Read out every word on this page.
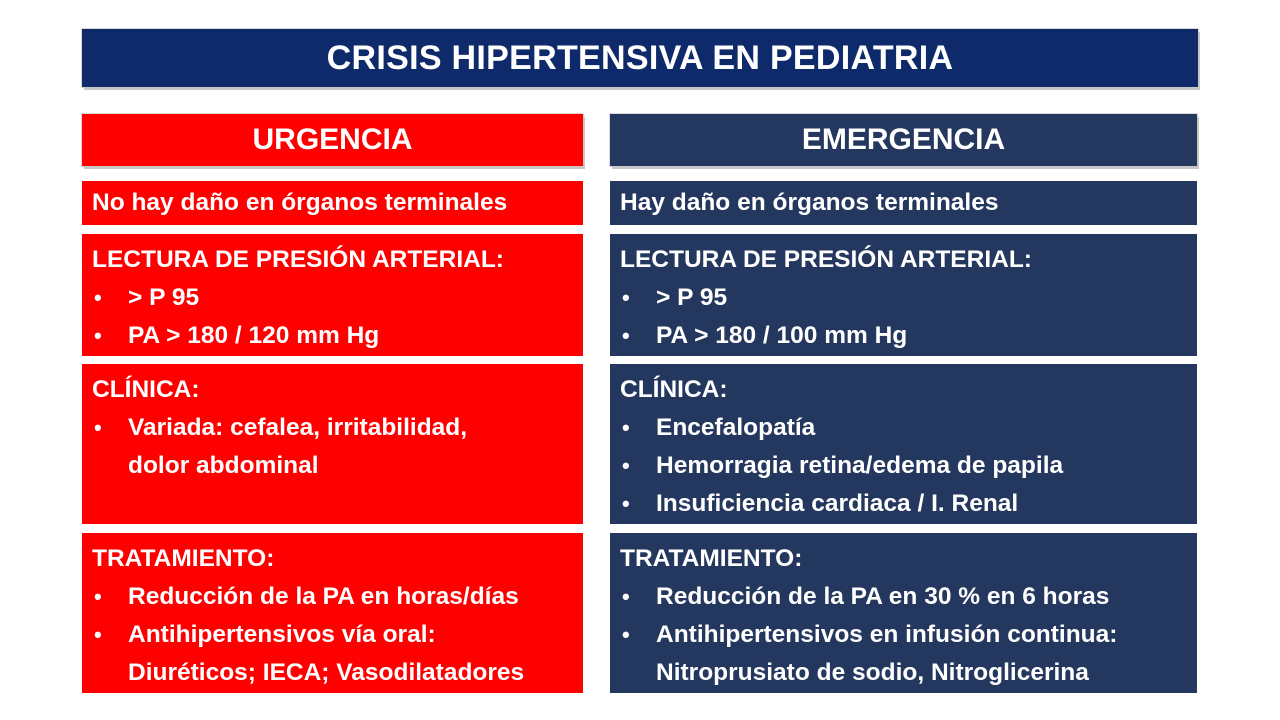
CRISIS HIPERTENSIVA EN PEDIATRIA
URGENCIA
No hay daño en órganos terminales
LECTURA DE PRESIÓN ARTERIAL:
• > P 95
• PA > 180 / 120 mm Hg
CLÍNICA:
• Variada: cefalea, irritabilidad,
dolor abdominal
TRATAMIENTO:
• Reducción de la PA en horas/días
• Antihipertensivos vía oral:
Diuréticos; IECA; Vasodilatadores
EMERGENCIA
Hay daño en órganos terminales
LECTURA DE PRESIÓN ARTERIAL:
• > P 95
• PA > 180 / 100 mm Hg
CLÍNICA:
• Encefalopatía
• Hemorragia retina/edema de papila
• Insuficiencia cardiaca / I. Renal
TRATAMIENTO:
• Reducción de la PA en 30 % en 6 horas
• Antihipertensivos en infusión continua:
Nitroprusiato de sodio, Nitroglicerina
